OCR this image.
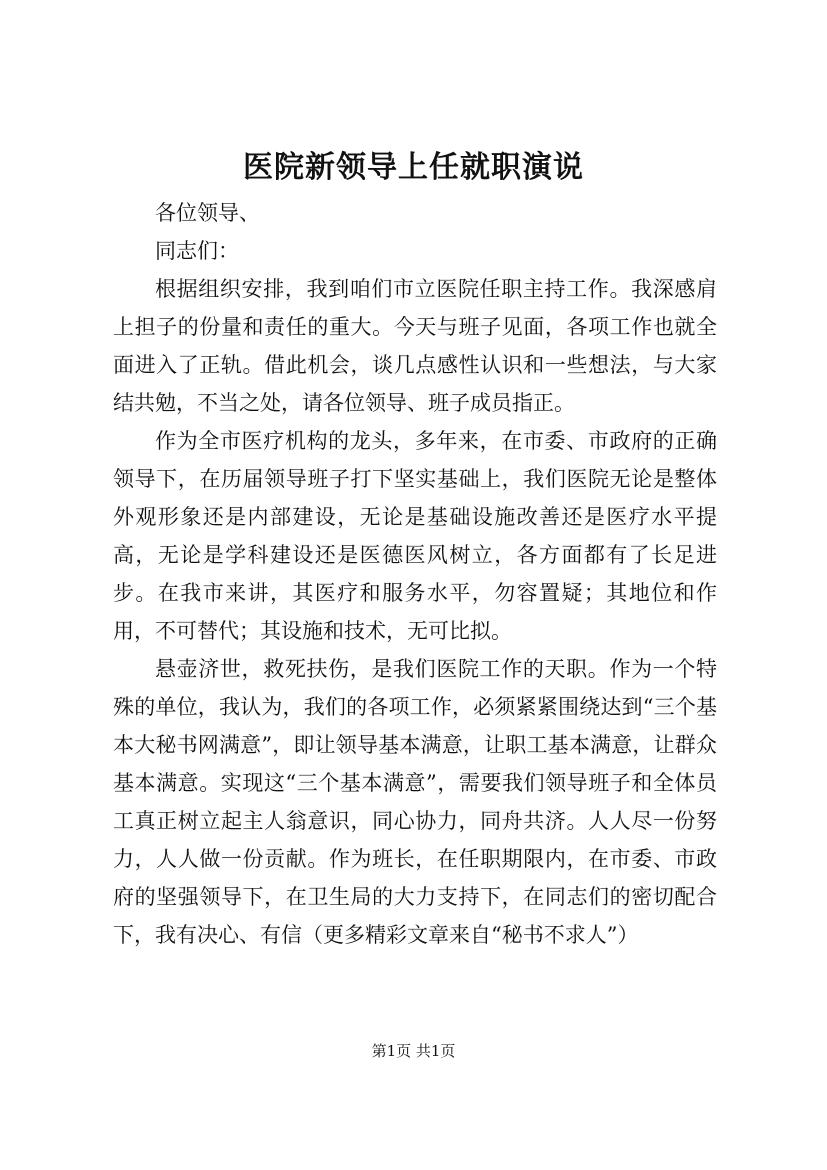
医院新领导上任就职演说

各位领导、

同志们：

根据组织安排，我到咱们市立医院任职主持工作。我深感肩上担子的份量和责任的重大。今天与班子见面，各项工作也就全面进入了正轨。借此机会，谈几点感性认识和一些想法，与大家结共勉，不当之处，请各位领导、班子成员指正。

作为全市医疗机构的龙头，多年来，在市委、市政府的正确领导下，在历届领导班子打下坚实基础上，我们医院无论是整体外观形象还是内部建设，无论是基础设施改善还是医疗水平提高，无论是学科建设还是医德医风树立，各方面都有了长足进步。在我市来讲，其医疗和服务水平，勿容置疑；其地位和作用，不可替代；其设施和技术，无可比拟。

悬壶济世，救死扶伤，是我们医院工作的天职。作为一个特殊的单位，我认为，我们的各项工作，必须紧紧围绕达到“三个基本大秘书网满意”，即让领导基本满意，让职工基本满意，让群众基本满意。实现这“三个基本满意”，需要我们领导班子和全体员工真正树立起主人翁意识，同心协力，同舟共济。人人尽一份努力，人人做一份贡献。作为班长，在任职期限内，在市委、市政府的坚强领导下，在卫生局的大力支持下，在同志们的密切配合下，我有决心、有信（更多精彩文章来自“秘书不求人”）

第1页 共1页
